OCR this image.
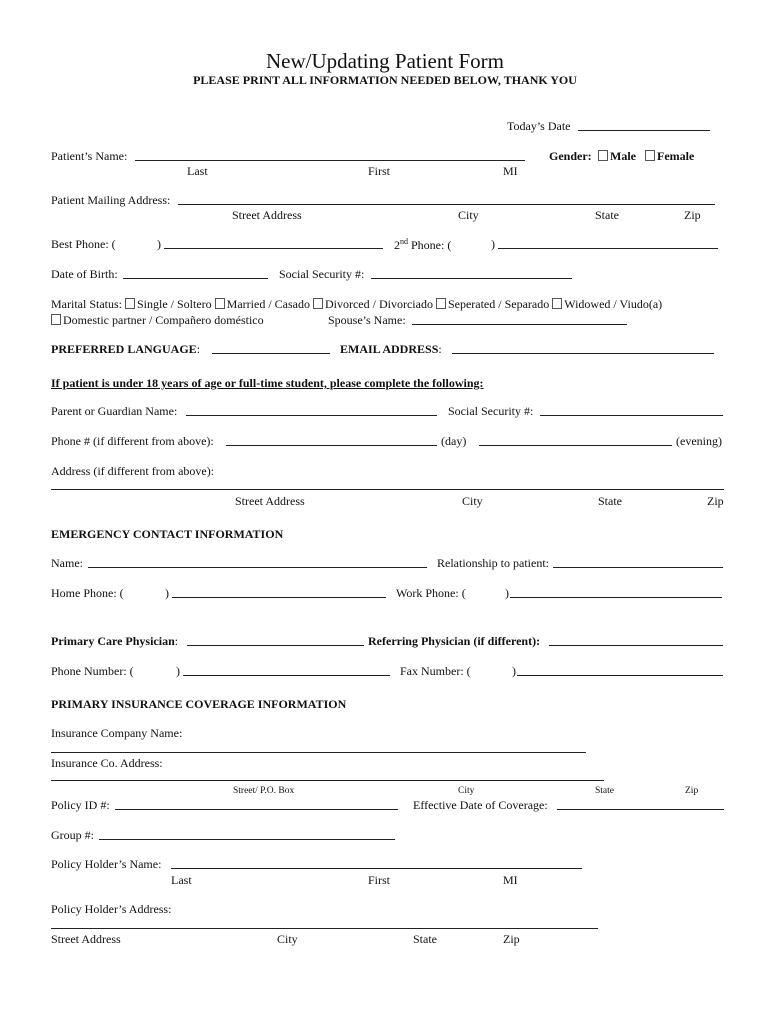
New/Updating Patient Form
PLEASE PRINT ALL INFORMATION NEEDED BELOW, THANK YOU
Today’s Date
Patient’s Name:
Last	First	MI
Gender:	Male	Female
Patient Mailing Address:
Street Address	City	State	Zip
Best Phone: (	)	2nd Phone: (	)
Date of Birth:	Social Security #:
Marital Status: Single / Soltero Married / Casado Divorced / Divorciado Seperated / Separado Widowed / Viudo(a)
Domestic partner / Compañero doméstico	Spouse’s Name:
PREFERRED LANGUAGE:	EMAIL ADDRESS:
If patient is under 18 years of age or full-time student, please complete the following:
Parent or Guardian Name:	Social Security #:
Phone # (if different from above):	(day)	(evening)
Address (if different from above):
Street Address	City	State	Zip
EMERGENCY CONTACT INFORMATION
Name:	Relationship to patient:
Home Phone: (	)	Work Phone: (	)
Primary Care Physician:	Referring Physician (if different):
Phone Number: (	)	Fax Number: (	)
PRIMARY INSURANCE COVERAGE INFORMATION
Insurance Company Name:
Insurance Co. Address:
Street/ P.O. Box	City	State	Zip
Policy ID #:	Effective Date of Coverage:
Group #:
Policy Holder’s Name:
Last	First	MI
Policy Holder’s Address:
Street Address	City	State	Zip
